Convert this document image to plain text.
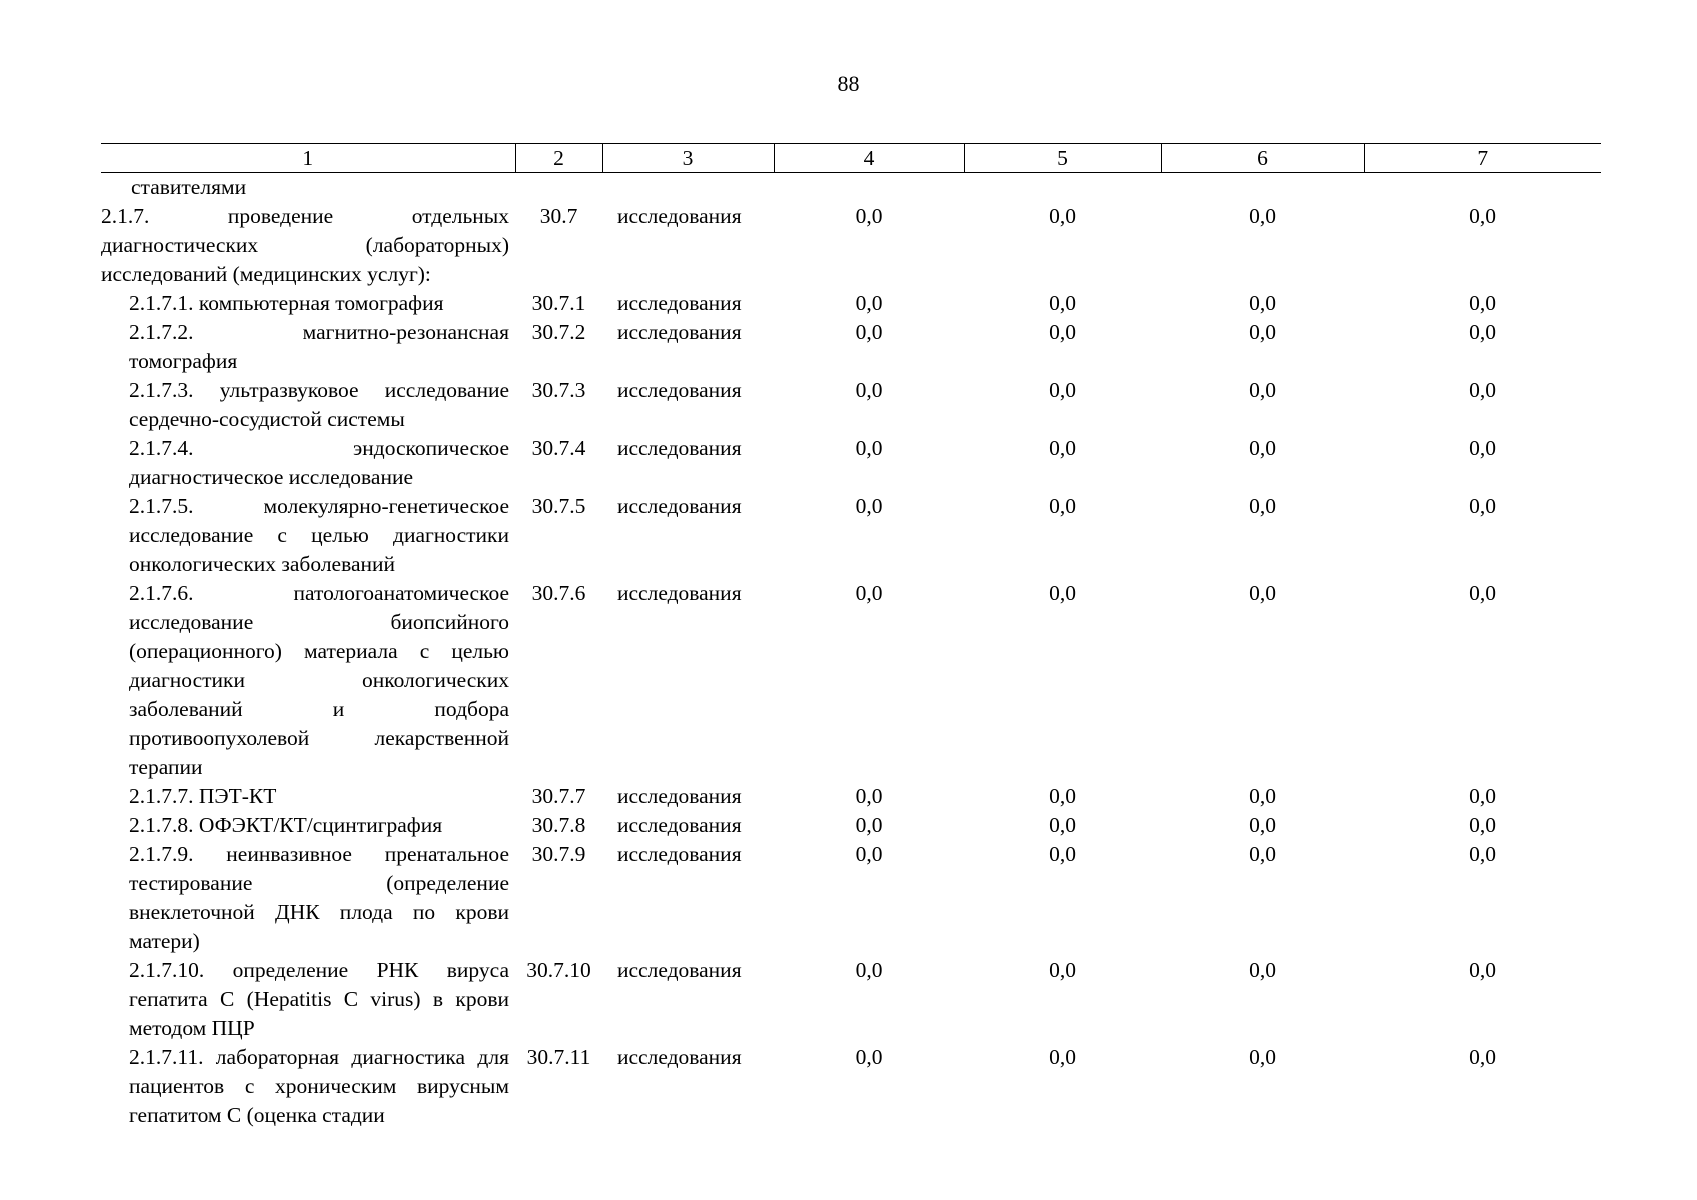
88
1	2	3	4	5	6	7
ставителями						
2.1.7. проведение отдельных диагностических (лабораторных) исследований (медицинских услуг):	30.7	исследования	0,0	0,0	0,0	0,0
2.1.7.1. компьютерная томография	30.7.1	исследования	0,0	0,0	0,0	0,0
2.1.7.2. магнитно-резонансная томография	30.7.2	исследования	0,0	0,0	0,0	0,0
2.1.7.3. ультразвуковое исследование сердечно-сосудистой системы	30.7.3	исследования	0,0	0,0	0,0	0,0
2.1.7.4. эндоскопическое диагностическое исследование	30.7.4	исследования	0,0	0,0	0,0	0,0
2.1.7.5. молекулярно-генетическое исследование с целью диагностики онкологических заболеваний	30.7.5	исследования	0,0	0,0	0,0	0,0
2.1.7.6. патологоанатомическое исследование биопсийного (операционного) материала с целью диагностики онкологических заболеваний и подбора противоопухолевой лекарственной терапии	30.7.6	исследования	0,0	0,0	0,0	0,0
2.1.7.7. ПЭТ-КТ	30.7.7	исследования	0,0	0,0	0,0	0,0
2.1.7.8. ОФЭКТ/КТ/сцинтиграфия	30.7.8	исследования	0,0	0,0	0,0	0,0
2.1.7.9. неинвазивное пренатальное тестирование (определение внеклеточной ДНК плода по крови матери)	30.7.9	исследования	0,0	0,0	0,0	0,0
2.1.7.10. определение РНК вируса гепатита С (Hepatitis C virus) в крови методом ПЦР	30.7.10	исследования	0,0	0,0	0,0	0,0
2.1.7.11. лабораторная диагностика для пациентов с хроническим вирусным гепатитом С (оценка стадии	30.7.11	исследования	0,0	0,0	0,0	0,0
